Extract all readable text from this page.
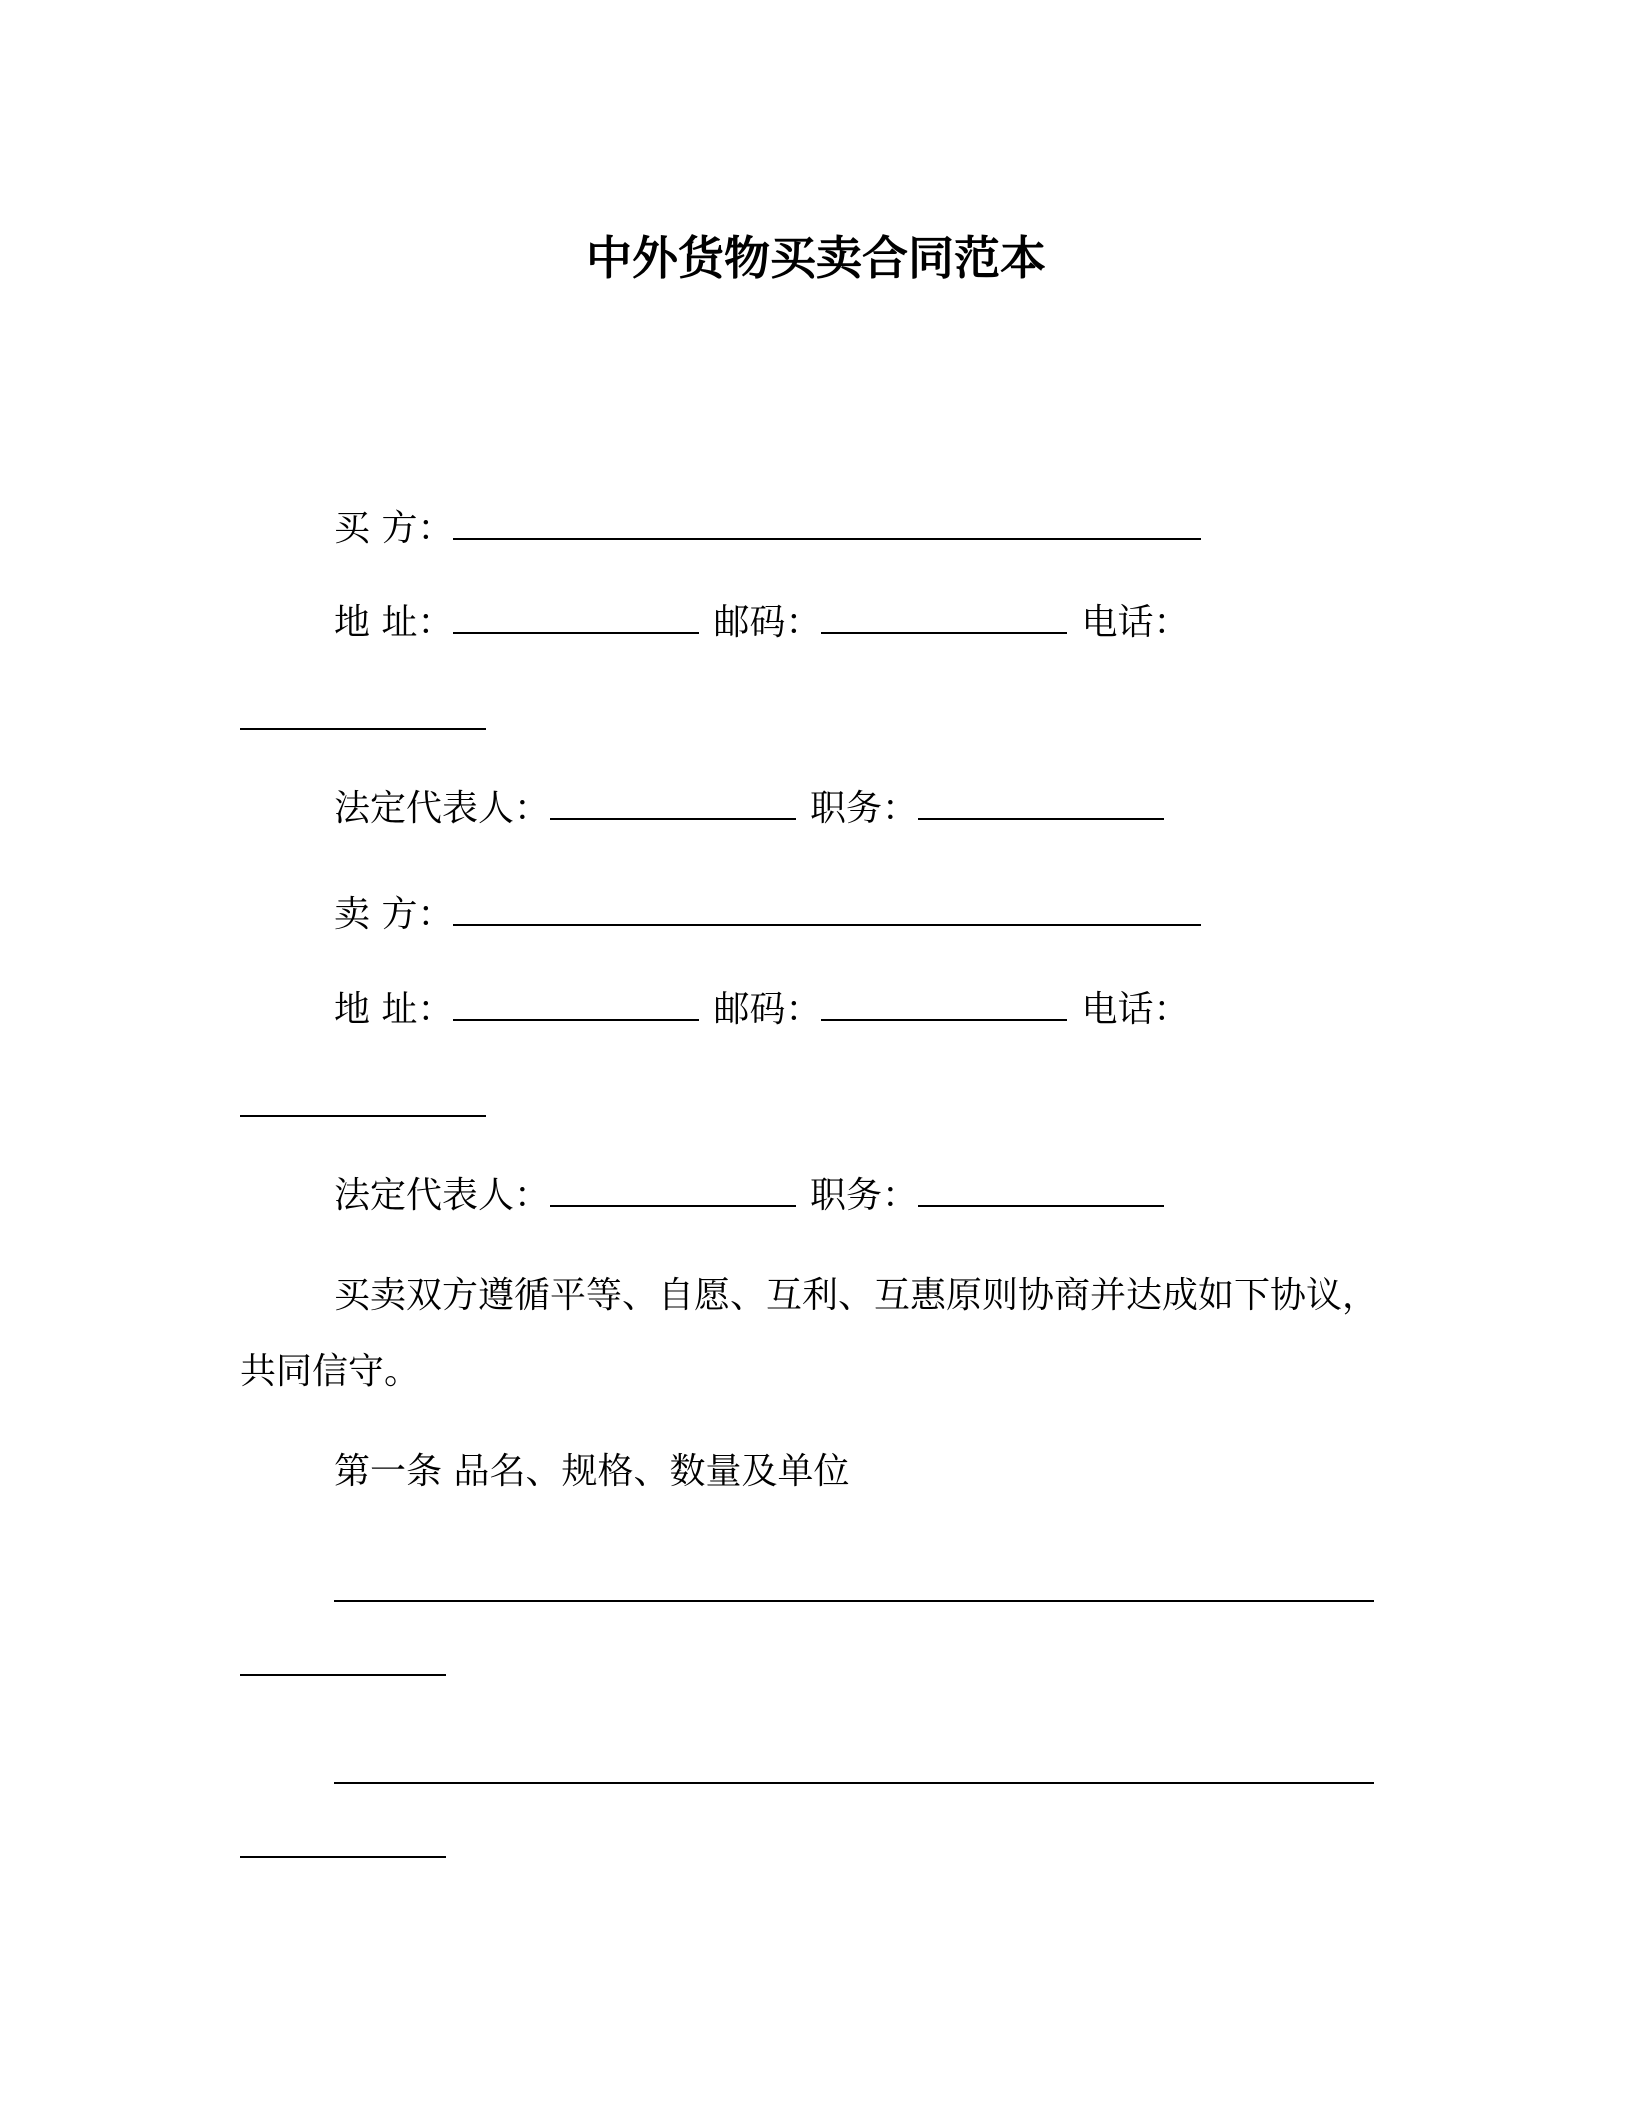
中外货物买卖合同范本
买 方：
地 址：	邮码：	电话：
法定代表人：	职务：
卖 方：
地 址：	邮码：	电话：
法定代表人：	职务：
买卖双方遵循平等、自愿、互利、互惠原则协商并达成如下协议，
共同信守。
第一条 品名、规格、数量及单位
